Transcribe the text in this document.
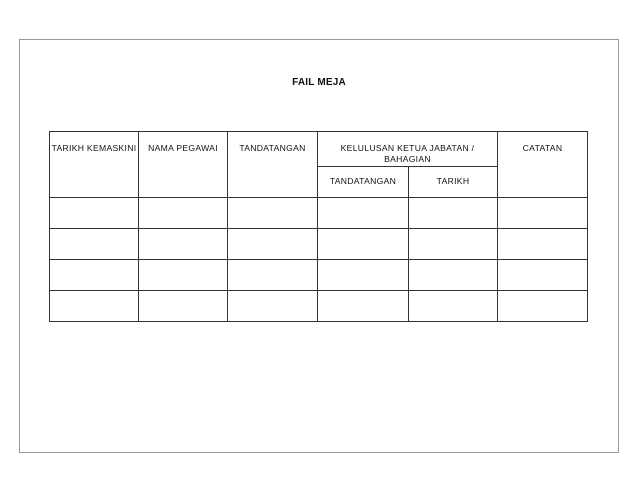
FAIL MEJA
TARIKH KEMASKINI	NAMA PEGAWAI	TANDATANGAN	KELULUSAN KETUA JABATAN / BAHAGIAN		CATATAN
			TANDATANGAN	TARIKH	
